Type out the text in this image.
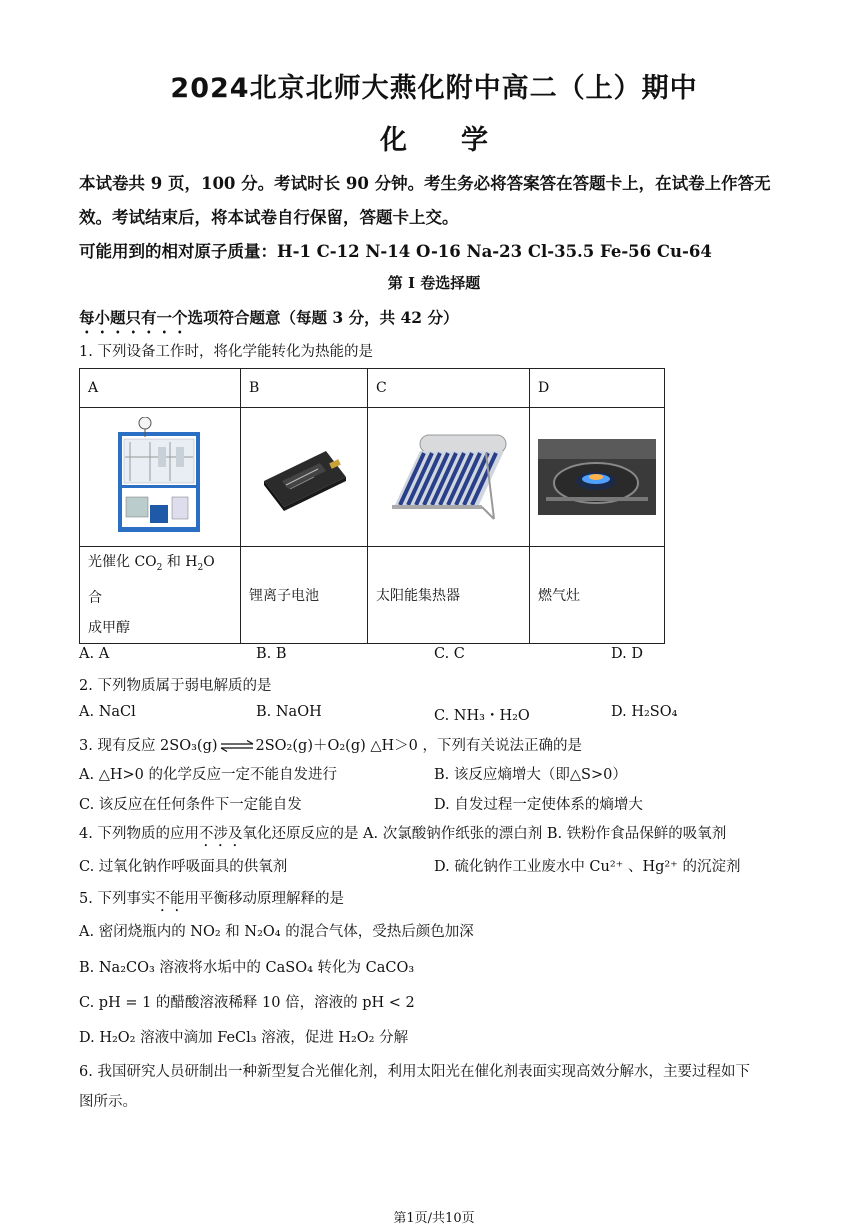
2024北京北师大燕化附中高二（上）期中
化 学
本试卷共 9 页，100 分。考试时长 90 分钟。考生务必将答案答在答题卡上，在试卷上作答无
效。考试结束后，将本试卷自行保留，答题卡上交。
可能用到的相对原子质量：H-1 C-12 N-14 O-16 Na-23 Cl-35.5 Fe-56 Cu-64
第 I 卷选择题
每小题只有一个选项符合题意（每题 3 分，共 42 分）
1. 下列设备工作时，将化学能转化为热能的是
A	B	C	D

光催化 $CO_2$ 和 $H_2O$ 合
成甲醇	锂离子电池	太阳能集热器	燃气灶
A. A	B. B	C. C	D. D
2. 下列物质属于弱电解质的是
A. NaCl	B. NaOH	C. NH₃・H₂O	D. H₂SO₄
3. 现有反应 2SO₃(g) ⇌ 2SO₂(g)＋O₂(g) △H＞0 ，下列有关说法正确的是
A. △H>0 的化学反应一定不能自发进行	B. 该反应熵增大（即△S>0）
C. 该反应在任何条件下一定能自发	D. 自发过程一定使体系的熵增大
4. 下列物质的应用不涉及氧化还原反应的是 A. 次氯酸钠作纸张的漂白剂 B. 铁粉作食品保鲜的吸氧剂
C. 过氧化钠作呼吸面具的供氧剂	D. 硫化钠作工业废水中 Cu²⁺ 、Hg²⁺ 的沉淀剂
5. 下列事实不能用平衡移动原理解释的是
A. 密闭烧瓶内的 NO₂ 和 N₂O₄ 的混合气体，受热后颜色加深
B. Na₂CO₃ 溶液将水垢中的 CaSO₄ 转化为 CaCO₃
C. pH = 1 的醋酸溶液稀释 10 倍，溶液的 pH < 2
D. H₂O₂ 溶液中滴加 FeCl₃ 溶液，促进 H₂O₂ 分解
6. 我国研究人员研制出一种新型复合光催化剂，利用太阳光在催化剂表面实现高效分解水，主要过程如下
图所示。
第1页/共10页
